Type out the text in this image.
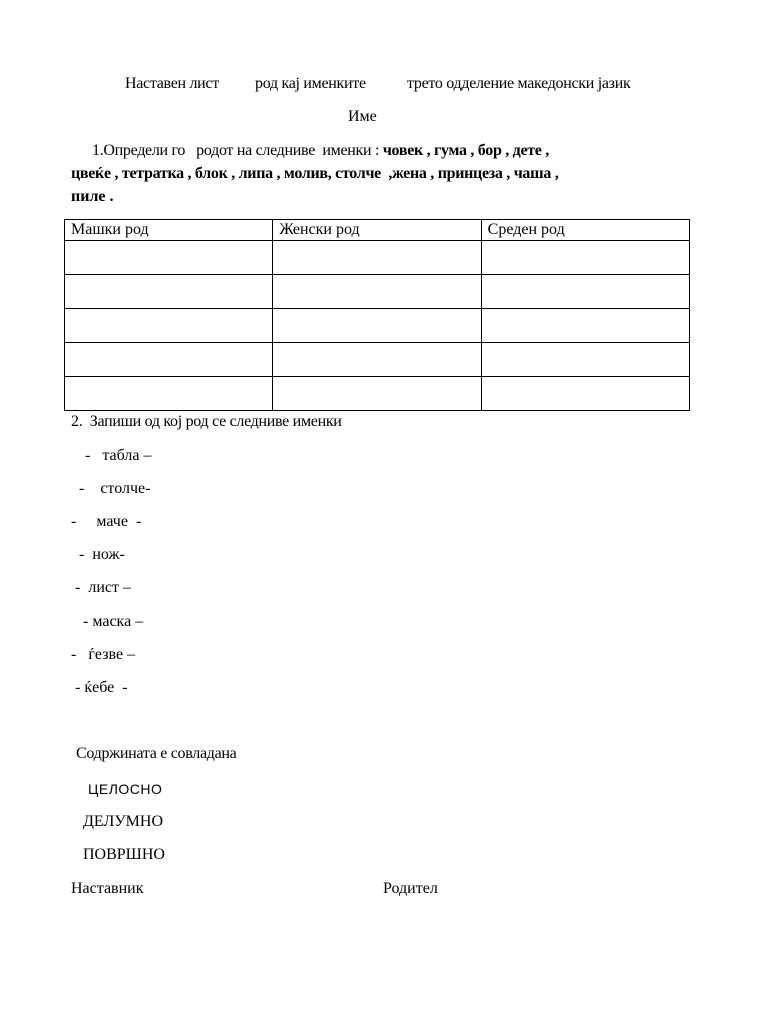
Наставен лист род кај именките	трето одделение македонски јазик
Име
1.Определи го   родот на следниве  именки : човек , гума , бор , дете ,
цвеќе , тетратка , блок , липа , молив, столче  ,жена , принцеза , чаша ,
пиле .
Машки род	Женски род	Среден род

2.  Запиши од кој род се следниве именки
-   табла –
-    столче-
-     мачe  -
-  нож-
-  лист –
- маска –
-   ѓезве –
- ќебе  -
Содржината е совладана
ЦЕЛОСНО
ДЕЛУМНО
ПОВРШНО
Наставник	Родител
